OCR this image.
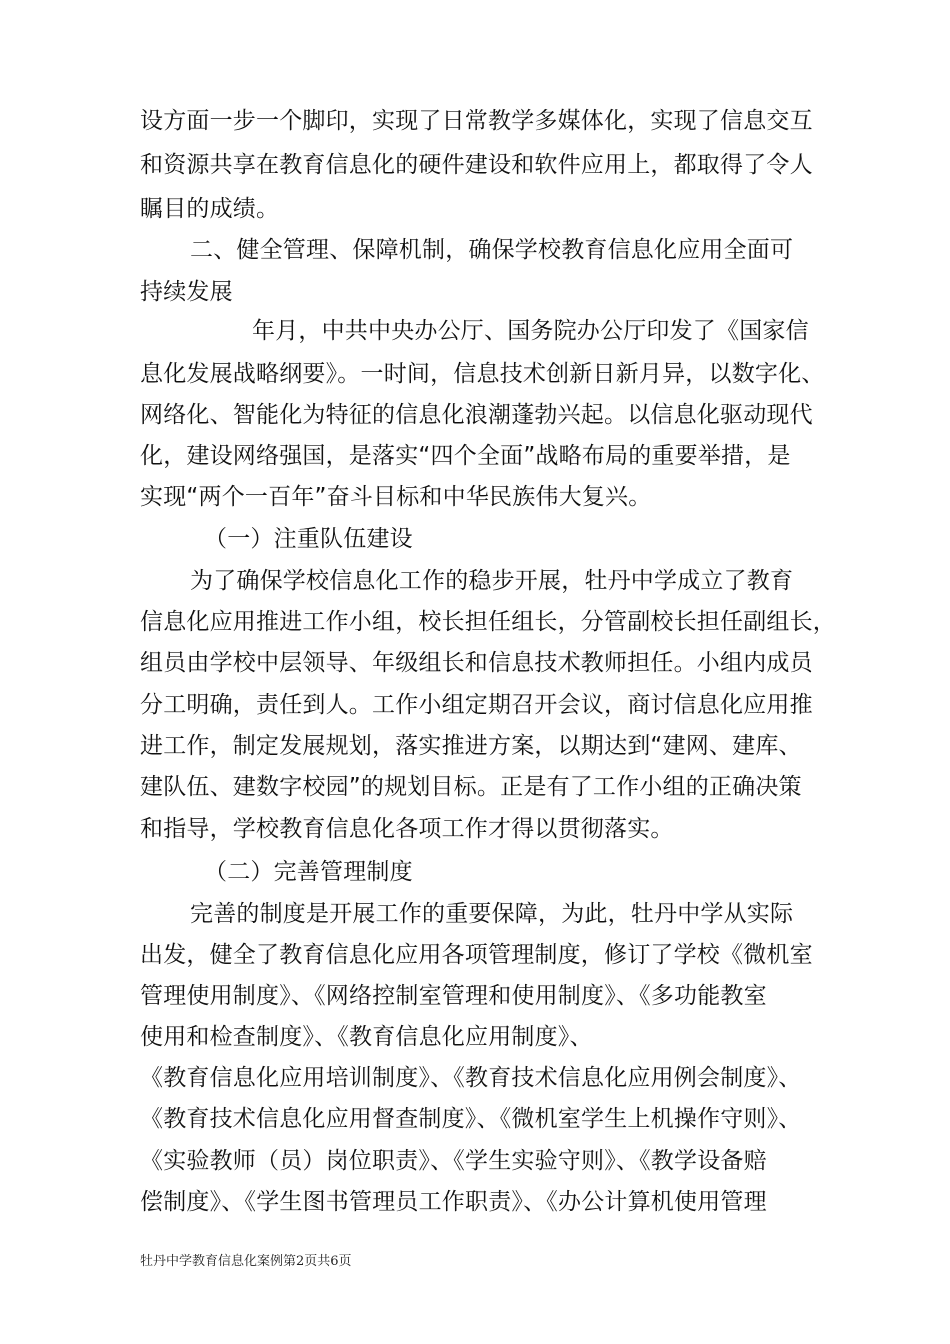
设方面一步一个脚印，实现了日常教学多媒体化，实现了信息交互
和资源共享在教育信息化的硬件建设和软件应用上，都取得了令人
瞩目的成绩。
二、健全管理、保障机制，确保学校教育信息化应用全面可
持续发展
年月，中共中央办公厅、国务院办公厅印发了《国家信
息化发展战略纲要》。一时间，信息技术创新日新月异，以数字化、
网络化、智能化为特征的信息化浪潮蓬勃兴起。以信息化驱动现代
化，建设网络强国，是落实“四个全面”战略布局的重要举措，是
实现“两个一百年”奋斗目标和中华民族伟大复兴。
（一）注重队伍建设
为了确保学校信息化工作的稳步开展，牡丹中学成立了教育
信息化应用推进工作小组，校长担任组长，分管副校长担任副组长，
组员由学校中层领导、年级组长和信息技术教师担任。小组内成员
分工明确，责任到人。工作小组定期召开会议，商讨信息化应用推
进工作，制定发展规划，落实推进方案，以期达到“建网、建库、
建队伍、建数字校园”的规划目标。正是有了工作小组的正确决策
和指导，学校教育信息化各项工作才得以贯彻落实。
（二）完善管理制度
完善的制度是开展工作的重要保障，为此，牡丹中学从实际
出发，健全了教育信息化应用各项管理制度，修订了学校《微机室
管理使用制度》、《网络控制室管理和使用制度》、《多功能教室
使用和检查制度》、《教育信息化应用制度》、
《教育信息化应用培训制度》、《教育技术信息化应用例会制度》、
《教育技术信息化应用督查制度》、《微机室学生上机操作守则》、
《实验教师（员）岗位职责》、《学生实验守则》、《教学设备赔
偿制度》、《学生图书管理员工作职责》、《办公计算机使用管理
牡丹中学教育信息化案例第2页共6页
